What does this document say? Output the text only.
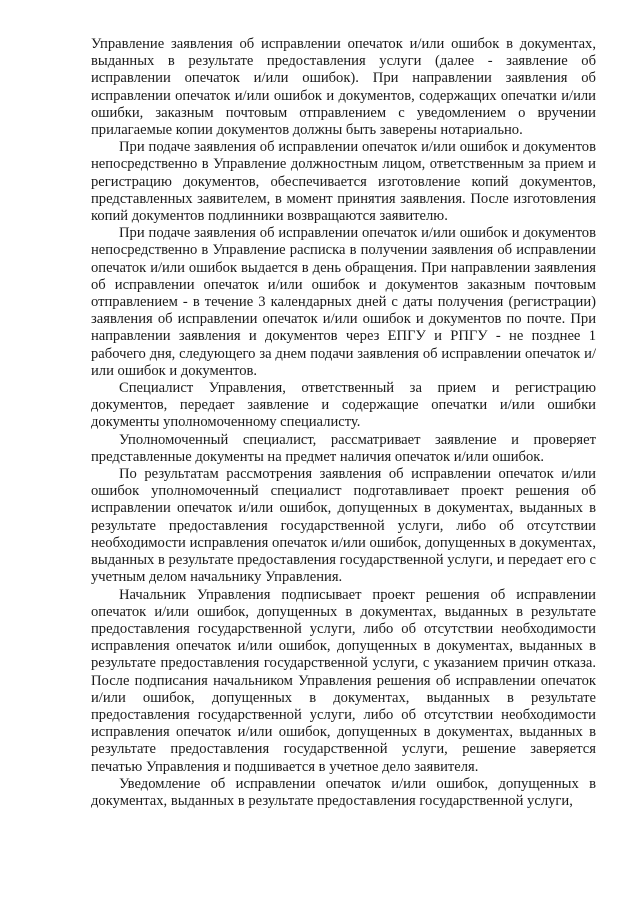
Управление заявления об исправлении опечаток и/или ошибок в документах, выданных в результате предоставления услуги (далее - заявление об исправлении опечаток и/или ошибок). При направлении заявления об исправлении опечаток и/или ошибок и документов, содержащих опечатки и/или ошибки, заказным почтовым отправлением с уведомлением о вручении прилагаемые копии документов должны быть заверены нотариально.

При подаче заявления об исправлении опечаток и/или ошибок и документов непосредственно в Управление должностным лицом, ответственным за прием и регистрацию документов, обеспечивается изготовление копий документов, представленных заявителем, в момент принятия заявления. После изготовления копий документов подлинники возвращаются заявителю.

При подаче заявления об исправлении опечаток и/или ошибок и документов непосредственно в Управление расписка в получении заявления об исправлении опечаток и/или ошибок выдается в день обращения. При направлении заявления об исправлении опечаток и/или ошибок и документов заказным почтовым отправлением - в течение 3 календарных дней с даты получения (регистрации) заявления об исправлении опечаток и/или ошибок и документов по почте. При направлении заявления и документов через ЕПГУ и РПГУ - не позднее 1 рабочего дня, следующего за днем подачи заявления об исправлении опечаток и/или ошибок и документов.

Специалист Управления, ответственный за прием и регистрацию документов, передает заявление и содержащие опечатки и/или ошибки документы уполномоченному специалисту.

Уполномоченный специалист, рассматривает заявление и проверяет представленные документы на предмет наличия опечаток и/или ошибок.

По результатам рассмотрения заявления об исправлении опечаток и/или ошибок уполномоченный специалист подготавливает проект решения об исправлении опечаток и/или ошибок, допущенных в документах, выданных в результате предоставления государственной услуги, либо об отсутствии необходимости исправления опечаток и/или ошибок, допущенных в документах, выданных в результате предоставления государственной услуги, и передает его с учетным делом начальнику Управления.

Начальник Управления подписывает проект решения об исправлении опечаток и/или ошибок, допущенных в документах, выданных в результате предоставления государственной услуги, либо об отсутствии необходимости исправления опечаток и/или ошибок, допущенных в документах, выданных в результате предоставления государственной услуги, с указанием причин отказа. После подписания начальником Управления решения об исправлении опечаток и/или ошибок, допущенных в документах, выданных в результате предоставления государственной услуги, либо об отсутствии необходимости исправления опечаток и/или ошибок, допущенных в документах, выданных в результате предоставления государственной услуги, решение заверяется печатью Управления и подшивается в учетное дело заявителя.

Уведомление об исправлении опечаток и/или ошибок, допущенных в документах, выданных в результате предоставления государственной услуги,
